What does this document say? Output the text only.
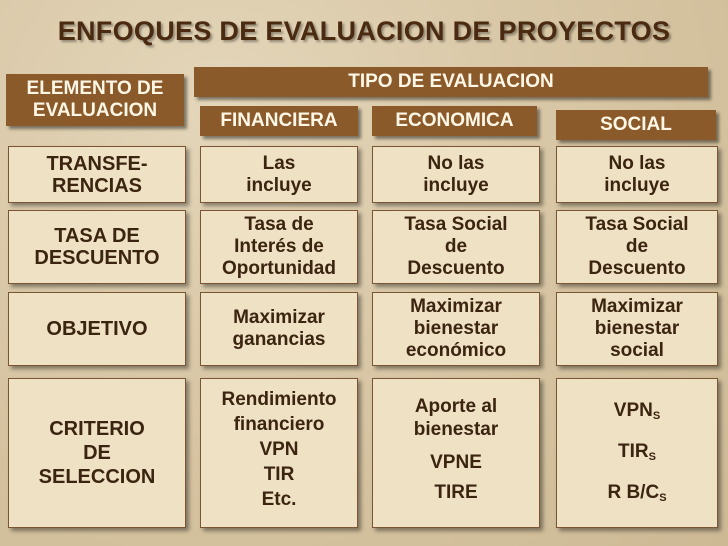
ENFOQUES DE EVALUACION DE PROYECTOS
ELEMENTO DE
EVALUACION
TIPO DE EVALUACION
FINANCIERA	ECONOMICA	SOCIAL
TRANSFE-
RENCIAS
Las
incluye
No las
incluye
No las
incluye
TASA DE
DESCUENTO
Tasa de
Interés de
Oportunidad
Tasa Social
de
Descuento
Tasa Social
de
Descuento
OBJETIVO
Maximizar
ganancias
Maximizar
bienestar
económico
Maximizar
bienestar
social
CRITERIO
DE
SELECCION
Rendimiento
financiero
VPN
TIR
Etc.
Aporte al
bienestar
VPNE
TIRE
$VPN_S$
$TIR_S$
R $B/C_S$
